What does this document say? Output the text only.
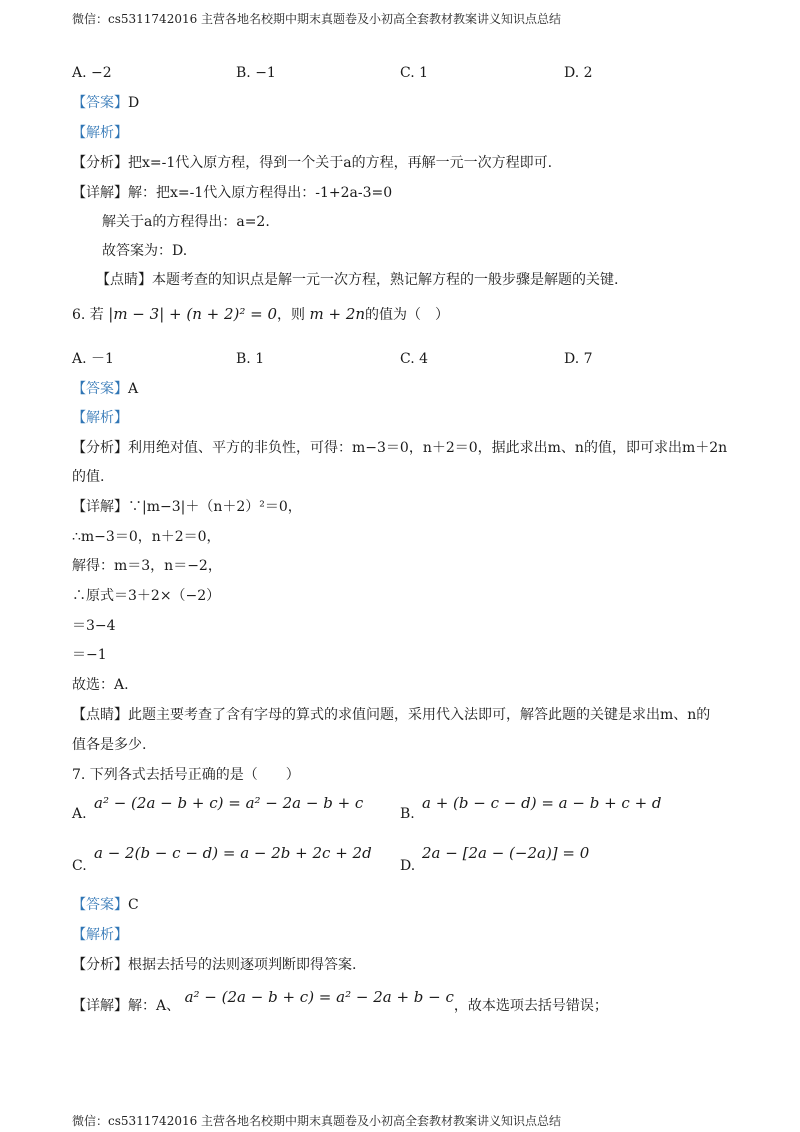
微信：cs5311742016 主营各地名校期中期末真题卷及小初高全套教材教案讲义知识点总结
A. −2	B. −1	C. 1	D. 2
【答案】D
【解析】
【分析】把x=-1代入原方程，得到一个关于a的方程，再解一元一次方程即可.
【详解】解：把x=-1代入原方程得出：-1+2a-3=0
解关于a的方程得出：a=2.
故答案为：D.
【点睛】本题考查的知识点是解一元一次方程，熟记解方程的一般步骤是解题的关键.
6. 若 |m − 3| + (n + 2)² = 0，则 m + 2n的值为（　）
A. －1	B. 1	C. 4	D. 7
【答案】A
【解析】
【分析】利用绝对值、平方的非负性，可得：m−3＝0，n＋2＝0，据此求出m、n的值，即可求出m＋2n
的值.
【详解】∵|m−3|＋（n＋2）²＝0，
∴m−3＝0，n＋2＝0，
解得：m＝3，n＝−2，
∴原式＝3＋2×（−2）
＝3−4
＝−1
故选：A.
【点睛】此题主要考查了含有字母的算式的求值问题，采用代入法即可，解答此题的关键是求出m、n的
值各是多少.
7. 下列各式去括号正确的是（　　）
A.
a² − (2a − b + c) = a² − 2a − b + c
B.
a + (b − c − d) = a − b + c + d
C.
a − 2(b − c − d) = a − 2b + 2c + 2d
D.
2a − [2a − (−2a)] = 0
【答案】C
【解析】
【分析】根据去括号的法则逐项判断即得答案.
【详解】解：A、 a² − (2a − b + c) = a² − 2a + b − c，故本选项去括号错误；
微信：cs5311742016 主营各地名校期中期末真题卷及小初高全套教材教案讲义知识点总结
